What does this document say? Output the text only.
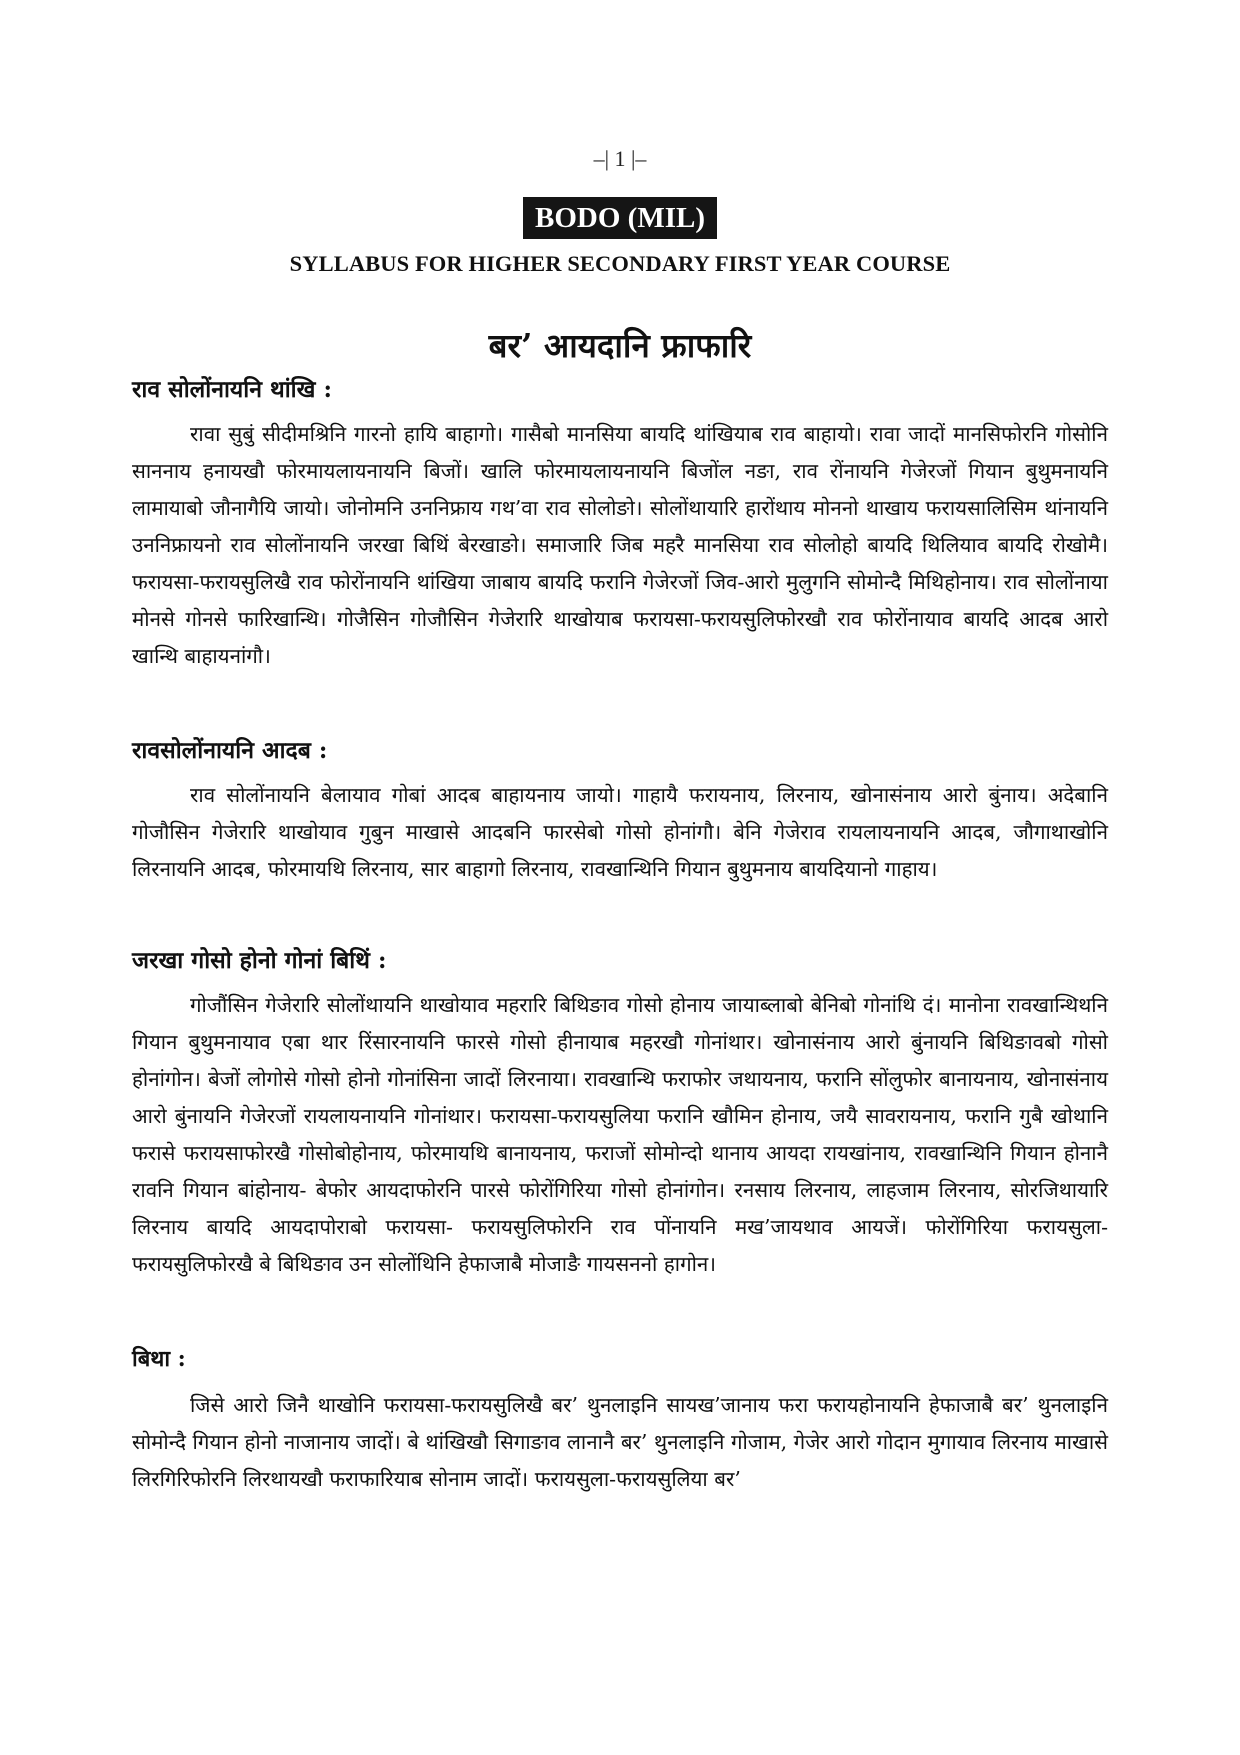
–| 1 |–
BODO (MIL)
SYLLABUS FOR HIGHER SECONDARY FIRST YEAR COURSE
बर’ आयदानि फ्राफारि
राव सोलोंनायनि थांखि :

रावा सुबुं सीदीमश्रिनि गारनो हायि बाहागो। गासैबो मानसिया बायदि थांखियाब राव बाहायो। रावा जादों मानसिफोरनि गोसोनि साननाय हनायखौ फोरमायलायनायनि बिजों। खालि फोरमायलायनायनि बिजोंल नङा, राव रोंनायनि गेजेरजों गियान बुथुमनायनि लामायाबो जौनागैयि जायो। जोनोमनि उननिफ्राय गथ’वा राव सोलोङो। सोलोंथायारि हारोंथाय मोननो थाखाय फरायसालिसिम थांनायनि उननिफ्रायनो राव सोलोंनायनि जरखा बिथिं बेरखाङो। समाजारि जिब महरै मानसिया राव सोलोहो बायदि थिलियाव बायदि रोखोमै। फरायसा-फरायसुलिखै राव फोरोंनायनि थांखिया जाबाय बायदि फरानि गेजेरजों जिव-आरो मुलुगनि सोमोन्दै मिथिहोनाय। राव सोलोंनाया मोनसे गोनसे फारिखान्थि। गोजैसिन गोजौसिन गेजेरारि थाखोयाब फरायसा-फरायसुलिफोरखौ राव फोरोंनायाव बायदि आदब आरो खान्थि बाहायनांगौ।

रावसोलोंनायनि आदब :

राव सोलोंनायनि बेलायाव गोबां आदब बाहायनाय जायो। गाहायै फरायनाय, लिरनाय, खोनासंनाय आरो बुंनाय। अदेबानि गोजौसिन गेजेरारि थाखोयाव गुबुन माखासे आदबनि फारसेबो गोसो होनांगौ। बेनि गेजेराव रायलायनायनि आदब, जौगाथाखोनि लिरनायनि आदब, फोरमायथि लिरनाय, सार बाहागो लिरनाय, रावखान्थिनि गियान बुथुमनाय बायदियानो गाहाय।

जरखा गोसो होनो गोनां बिथिं :

गोजौंसिन गेजेरारि सोलोंथायनि थाखोयाव महरारि बिथिङाव गोसो होनाय जायाब्लाबो बेनिबो गोनांथि दं। मानोना रावखान्थिथनि गियान बुथुमनायाव एबा थार रिंसारनायनि फारसे गोसो हीनायाब महरखौ गोनांथार। खोनासंनाय आरो बुंनायनि बिथिङावबो गोसो होनांगोन। बेजों लोगोसे गोसो होनो गोनांसिना जादों लिरनाया। रावखान्थि फराफोर जथायनाय, फरानि सोंलुफोर बानायनाय, खोनासंनाय आरो बुंनायनि गेजेरजों रायलायनायनि गोनांथार। फरायसा-फरायसुलिया फरानि खौमिन होनाय, जयै सावरायनाय, फरानि गुबै खोथानि फरासे फरायसाफोरखै गोसोबोहोनाय, फोरमायथि बानायनाय, फराजों सोमोन्दो थानाय आयदा रायखांनाय, रावखान्थिनि गियान होनानै रावनि गियान बांहोनाय- बेफोर आयदाफोरनि पारसे फोरोंगिरिया गोसो होनांगोन। रनसाय लिरनाय, लाहजाम लिरनाय, सोरजिथायारि लिरनाय बायदि आयदापोराबो फरायसा- फरायसुलिफोरनि राव पोंनायनि मख’जायथाव आयजें। फोरोंगिरिया फरायसुला-फरायसुलिफोरखै बे बिथिङाव उन सोलोंथिनि हेफाजाबै मोजाङै गायसननो हागोन।

बिथा :

जिसे आरो जिनै थाखोनि फरायसा-फरायसुलिखै बर’ थुनलाइनि सायख’जानाय फरा फरायहोनायनि हेफाजाबै बर’ थुनलाइनि सोमोन्दै गियान होनो नाजानाय जादों। बे थांखिखौ सिगाङाव लानानै बर’ थुनलाइनि गोजाम, गेजेर आरो गोदान मुगायाव लिरनाय माखासे लिरगिरिफोरनि लिरथायखौ फराफारियाब सोनाम जादों। फरायसुला-फरायसुलिया बर’
